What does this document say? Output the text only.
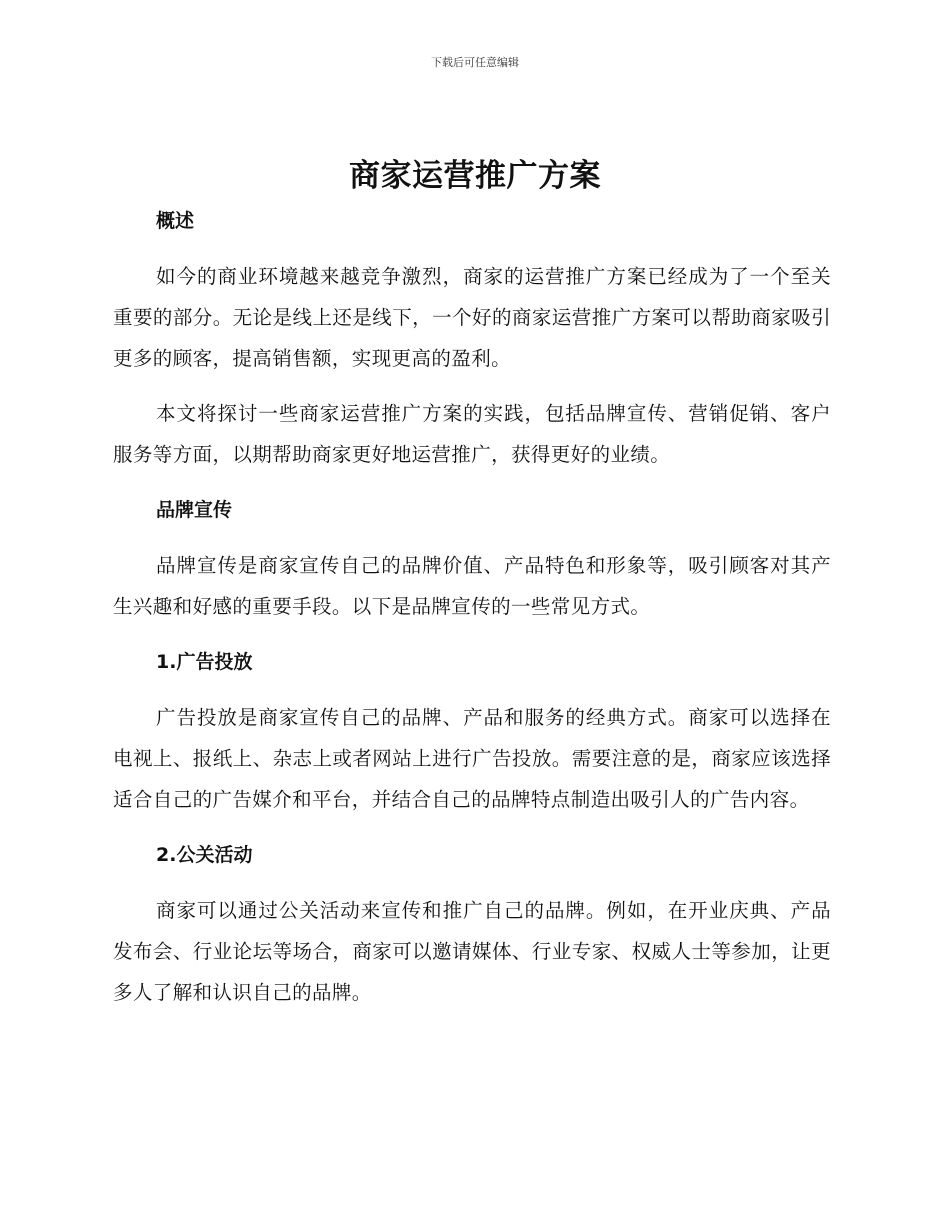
下载后可任意编辑
商家运营推广方案
概述

如今的商业环境越来越竞争激烈，商家的运营推广方案已经成为了一个至关重要的部分。无论是线上还是线下，一个好的商家运营推广方案可以帮助商家吸引更多的顾客，提高销售额，实现更高的盈利。

本文将探讨一些商家运营推广方案的实践，包括品牌宣传、营销促销、客户服务等方面，以期帮助商家更好地运营推广，获得更好的业绩。

品牌宣传

品牌宣传是商家宣传自己的品牌价值、产品特色和形象等，吸引顾客对其产生兴趣和好感的重要手段。以下是品牌宣传的一些常见方式。

1.广告投放

广告投放是商家宣传自己的品牌、产品和服务的经典方式。商家可以选择在电视上、报纸上、杂志上或者网站上进行广告投放。需要注意的是，商家应该选择适合自己的广告媒介和平台，并结合自己的品牌特点制造出吸引人的广告内容。

2.公关活动

商家可以通过公关活动来宣传和推广自己的品牌。例如，在开业庆典、产品发布会、行业论坛等场合，商家可以邀请媒体、行业专家、权威人士等参加，让更多人了解和认识自己的品牌。
